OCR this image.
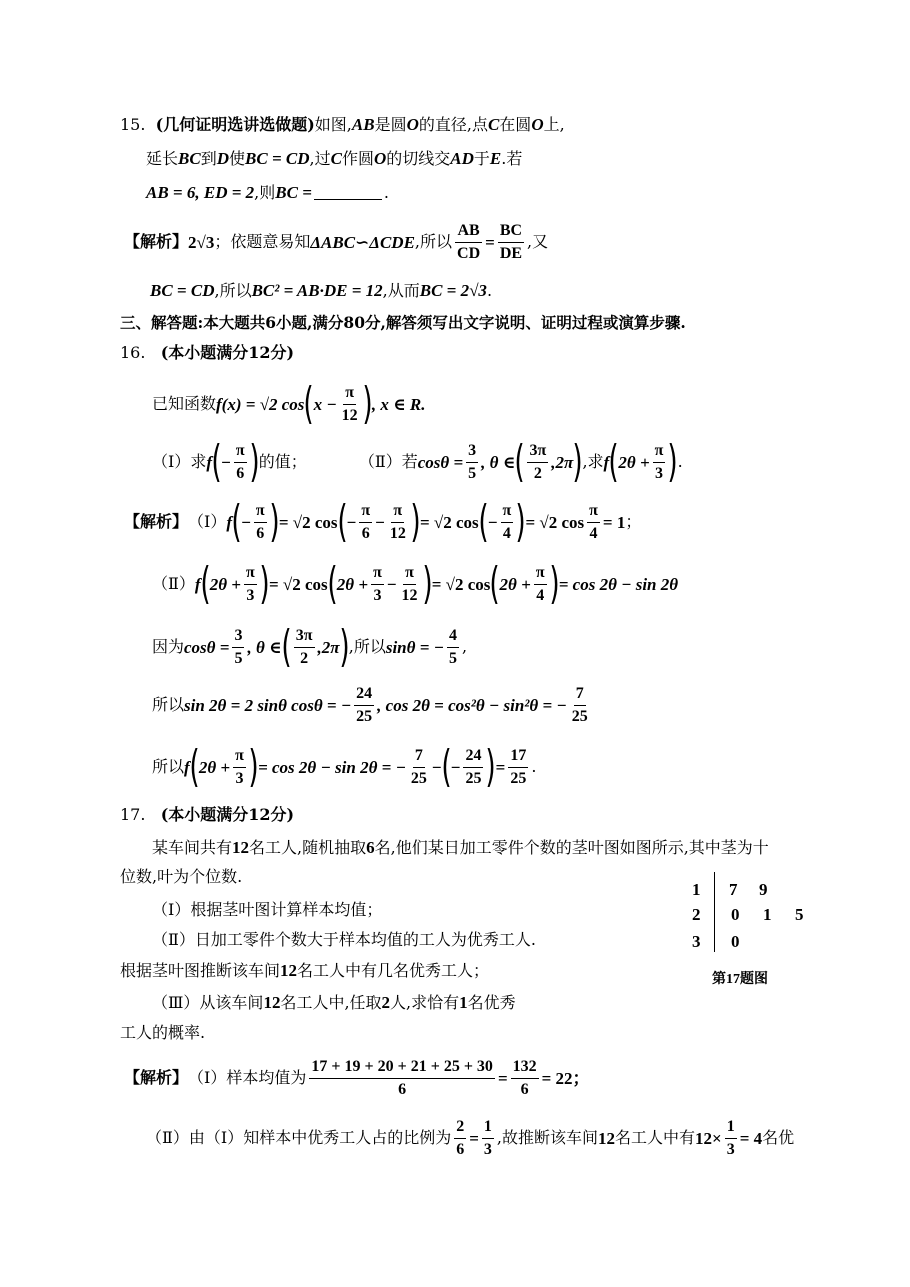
15.
(几何证明选讲选做题) 如图, AB 是圆 O 的直径,点 C 在圆 O 上,
延长 BC 到 D 使 BC = CD ,过 C 作圆 O 的切线交 AD 于 E .若
AB = 6, ED = 2 ,则 BC =	.
【解析】 2√3 ；依题意易知 ΔABC∽ΔCDE ,所以 $\frac{AB}{CD} = \frac{BC}{DE}$ ,又
BC = CD ,所以 BC² = AB·DE = 12 ,从而 BC = 2√3 .
三、解答题:本大题共6小题,满分80分,解答须写出文字说明、证明过程或演算步骤.
16.
(本小题满分12分)
已知函数 f(x) = √2 cos ( $x - \frac{\pi}{12}$ ) , x ∈ R.
（Ⅰ）求 f ( − $\frac{\pi}{6}$ ) 的值；	（Ⅱ）若 $\cos\theta = \frac{3}{5}$ , θ ∈ ( $\frac{3\pi}{2} ,2\pi$ ) ,求 f ( $2\theta + \frac{\pi}{3}$ ) .
【解析】 （Ⅰ） f ( − $\frac{\pi}{6}$ ) = √2 cos ( − $\frac{\pi}{6} - \frac{\pi}{12}$ ) = √2 cos ( − $\frac{\pi}{4}$ ) = √2 $\cos \frac{\pi}{4} = 1$ ；
（Ⅱ） f ( $2\theta + \frac{\pi}{3}$ ) = √2 cos ( $2\theta + \frac{\pi}{3} - \frac{\pi}{12}$ ) = √2 cos ( $2\theta + \frac{\pi}{4}$ ) = cos 2θ − sin 2θ
因为 $\cos\theta = \frac{3}{5}$ , θ ∈ ( $\frac{3\pi}{2} ,2\pi$ ) ,所以 sinθ = − $\frac{4}{5}$ ,
所以 sin 2θ = 2 sinθ cosθ = − $\frac{24}{25}$ , cos 2θ = cos²θ − sin²θ = − $\frac{7}{25}$
所以 f ( $2\theta + \frac{\pi}{3}$ ) = cos 2θ − sin 2θ = − $\frac{7}{25}$ − ( − $\frac{24}{25}$ ) = $\frac{17}{25}$ .
17.
(本小题满分12分)
某车间共有 12 名工人,随机抽取 6 名,他们某日加工零件个数的茎叶图如图所示,其中茎为十
位数,叶为个位数.
（Ⅰ）根据茎叶图计算样本均值；
（Ⅱ）日加工零件个数大于样本均值的工人为优秀工人.
根据茎叶图推断该车间 12 名工人中有几名优秀工人；
（Ⅲ）从该车间 12 名工人中,任取 2 人,求恰有 1 名优秀
工人的概率.
1
2
3
7 9
0 1 5
0
第17题图
【解析】 （Ⅰ）样本均值为 $\frac{17 + 19 + 20 + 21 + 25 + 30}{6} = \frac{132}{6} = 22$；
（Ⅱ）由（Ⅰ）知样本中优秀工人占的比例为 $\frac{2}{6} = \frac{1}{3}$ ,故推断该车间 12 名工人中有 $12\times \frac{1}{3} = 4$ 名优
